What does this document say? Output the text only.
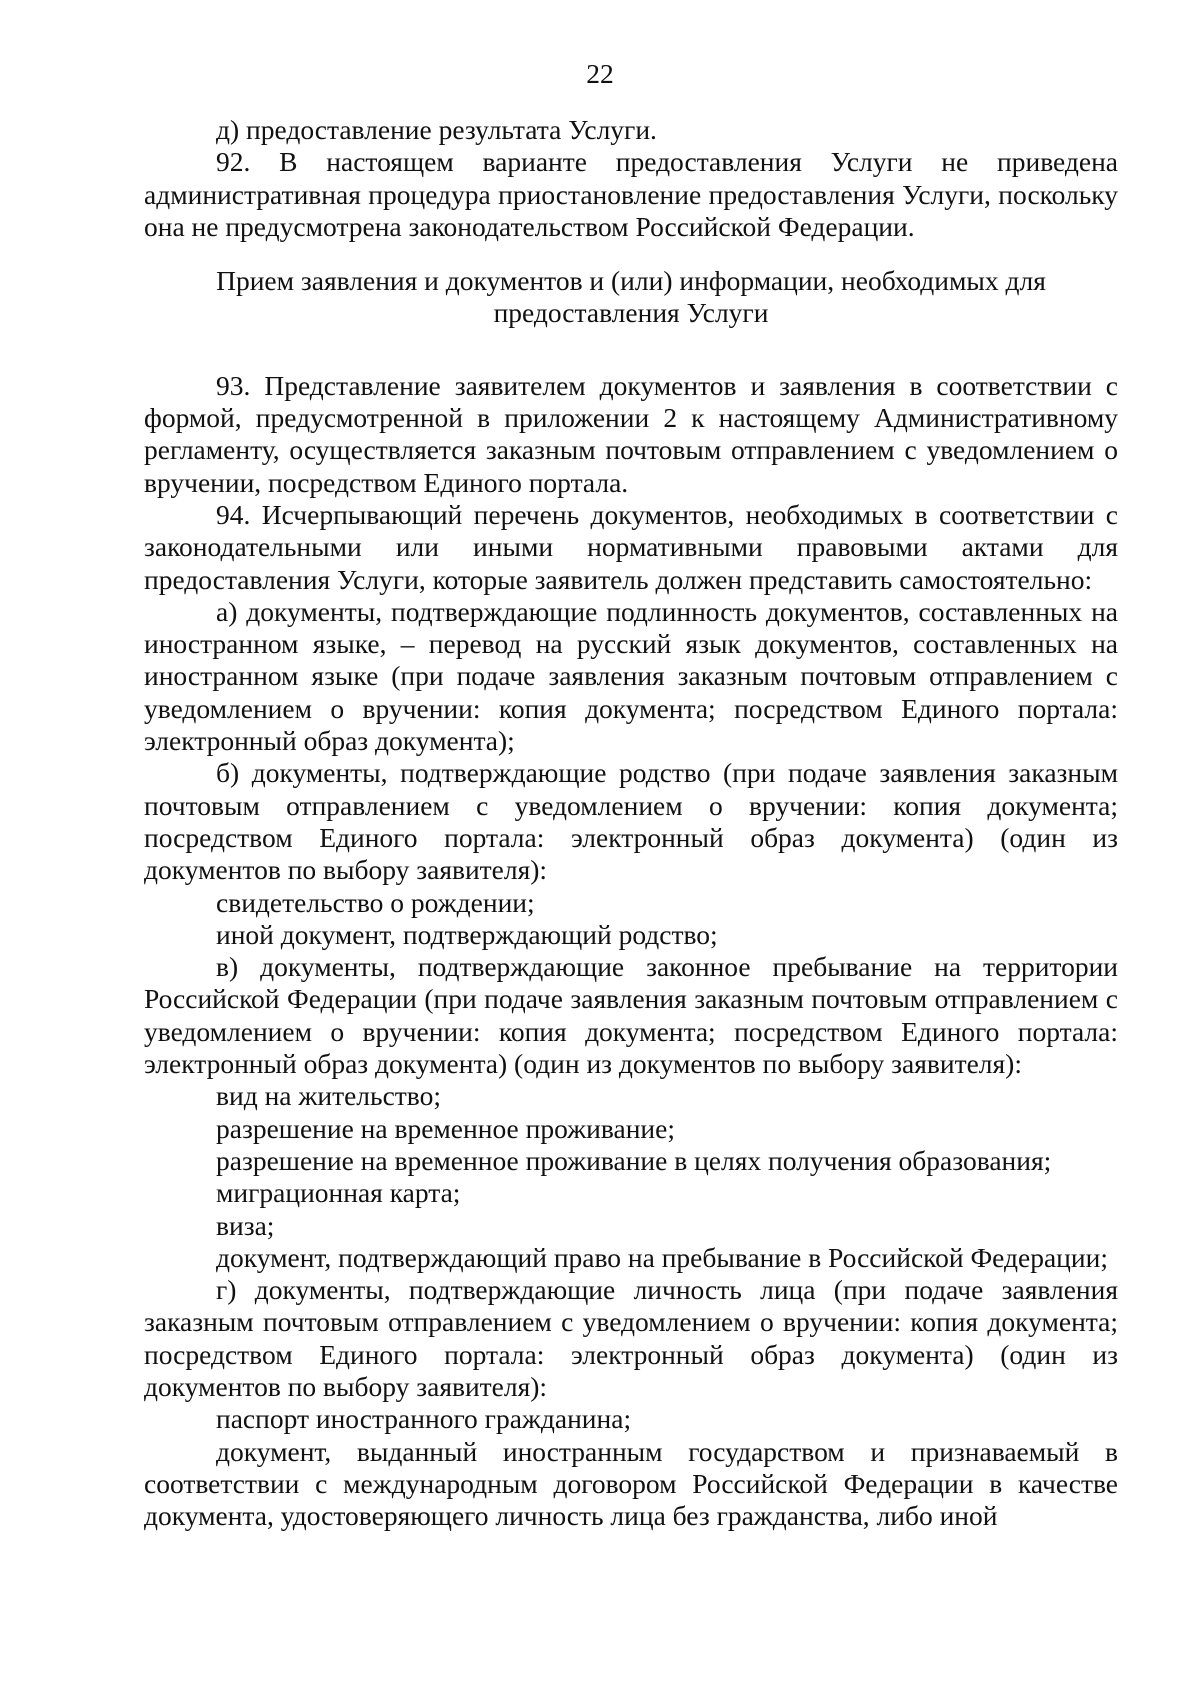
22

д) предоставление результата Услуги.

92. В настоящем варианте предоставления Услуги не приведена административная процедура приостановление предоставления Услуги, поскольку она не предусмотрена законодательством Российской Федерации.

Прием заявления и документов и (или) информации, необходимых для предоставления Услуги

93. Представление заявителем документов и заявления в соответствии с формой, предусмотренной в приложении 2 к настоящему Административному регламенту, осуществляется заказным почтовым отправлением с уведомлением о вручении, посредством Единого портала.

94. Исчерпывающий перечень документов, необходимых в соответствии с законодательными или иными нормативными правовыми актами для предоставления Услуги, которые заявитель должен представить самостоятельно:

а) документы, подтверждающие подлинность документов, составленных на иностранном языке, – перевод на русский язык документов, составленных на иностранном языке (при подаче заявления заказным почтовым отправлением с уведомлением о вручении: копия документа; посредством Единого портала: электронный образ документа);

б) документы, подтверждающие родство (при подаче заявления заказным почтовым отправлением с уведомлением о вручении: копия документа; посредством Единого портала: электронный образ документа) (один из документов по выбору заявителя):

свидетельство о рождении;

иной документ, подтверждающий родство;

в) документы, подтверждающие законное пребывание на территории Российской Федерации (при подаче заявления заказным почтовым отправлением с уведомлением о вручении: копия документа; посредством Единого портала: электронный образ документа) (один из документов по выбору заявителя):

вид на жительство;

разрешение на временное проживание;

разрешение на временное проживание в целях получения образования;

миграционная карта;

виза;

документ, подтверждающий право на пребывание в Российской Федерации;

г) документы, подтверждающие личность лица (при подаче заявления заказным почтовым отправлением с уведомлением о вручении: копия документа; посредством Единого портала: электронный образ документа) (один из документов по выбору заявителя):

паспорт иностранного гражданина;

документ, выданный иностранным государством и признаваемый в соответствии с международным договором Российской Федерации в качестве документа, удостоверяющего личность лица без гражданства, либо иной
